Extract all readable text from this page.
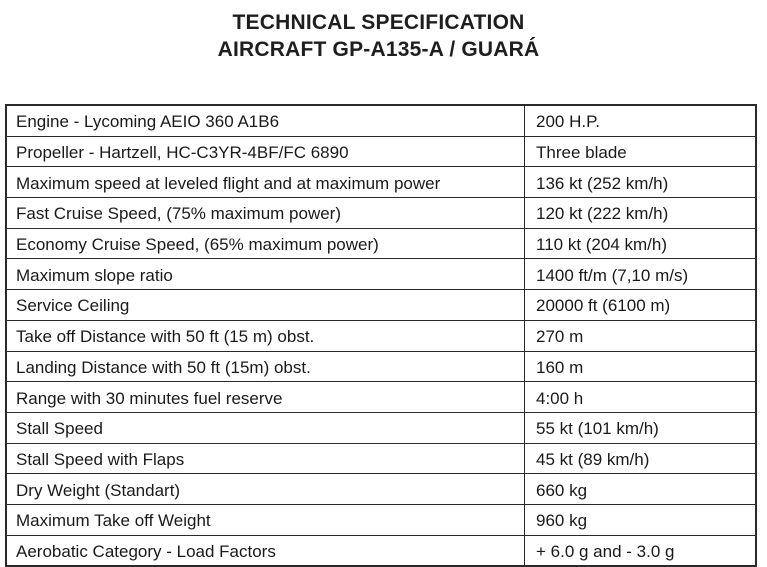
TECHNICAL SPECIFICATION
AIRCRAFT GP-A135-A / GUARÁ
Engine - Lycoming AEIO 360 A1B6	200 H.P.
Propeller - Hartzell, HC-C3YR-4BF/FC 6890	Three blade
Maximum speed at leveled flight and at maximum power	136 kt (252 km/h)
Fast Cruise Speed, (75% maximum power)	120 kt (222 km/h)
Economy Cruise Speed, (65% maximum power)	110 kt (204 km/h)
Maximum slope ratio	1400 ft/m (7,10 m/s)
Service Ceiling	20000 ft (6100 m)
Take off Distance with 50 ft (15 m) obst.	270 m
Landing Distance with 50 ft (15m) obst.	160 m
Range with 30 minutes fuel reserve	4:00 h
Stall Speed	55 kt (101 km/h)
Stall Speed with Flaps	45 kt (89 km/h)
Dry Weight (Standart)	660 kg
Maximum Take off Weight	960 kg
Aerobatic Category - Load Factors	+ 6.0 g and - 3.0 g
